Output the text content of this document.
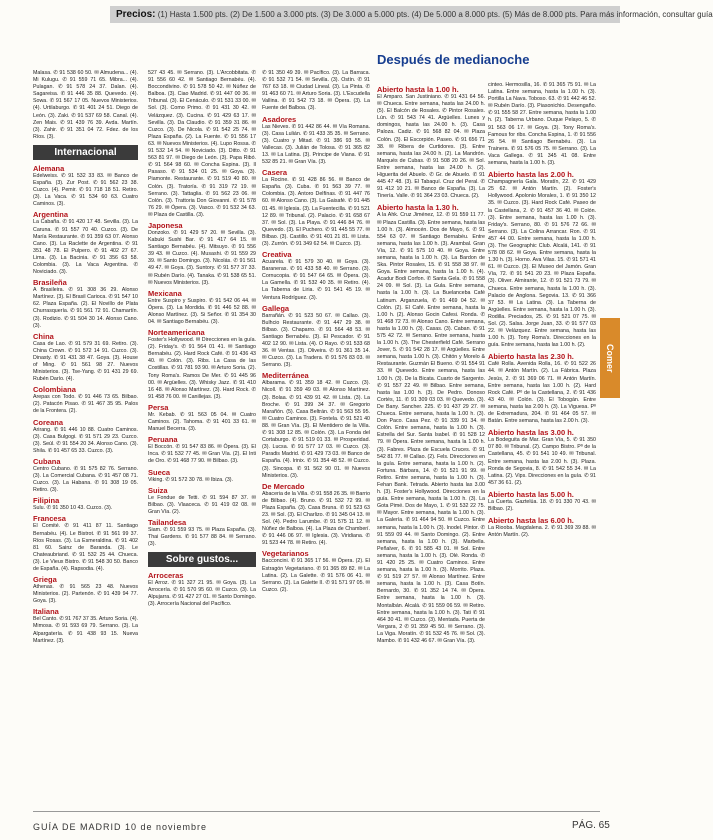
Precios: (1) Hasta 1.500 pts. (2) De 1.500 a 3.000 pts. (3) De 3.000 a 5.000 pts. (4) De 5.000 a 8.000 pts. (5) Más de 8.000 pts. Para más información, consultar guía
Después de medianoche
Comer

Malasa. ✆ 91 538 60 50. ✉ Almudena... (4). Mi Kulugu. ✆ 91 559 71 65. Mibra... (4). Pulagan. ✆ 91 578 24 37. Dalan. (4). Sagareisa. ✆ 91 446 35 88. Quevedo. (4). Sowa. ✆ 91 567 17 05. Nuevos Ministerios. (4). Urtilaburgo. ✆ 91 401 24 51. Diego de León. (3). Zaki. ✆ 91 537 69 58. Canal. (4). Zen Mais. ✆ 91 439 76 39. Avda. Martín. (3). Zahir. ✆ 91 351 04 72. Fdez. de los Ríos. (3).

Internacional
Alemana

Edelweiss. ✆ 91 532 33 83. ✉ Banco de España. (3). Zur Post. ✆ 91 562 23 38. Cuzco. (4). Pemir. ✆ 91 718 18 51. Retiro. (3). La Vaca. ✆ 91 534 60 63. Cuatro Caminos. (3).

Argentina

La Cabaña. ✆ 91 420 17 48. Sevilla. (3). La Caruna. ✆ 91 557 70 40. Cuzco. (3). De María Restaurante. ✆ 91 359 63 07. Alonso Cano. (3). La Raclette de Argentina. ✆ 91 351 48 78. El Pulpero. ✆ 91 402 27 67. Lima. (3). La Bacinia. ✆ 91 356 63 58. Colombia. (3). La Vaca Argentina. ✆ Noviciado. (3).

Brasileña

A Brasileira. ✆ 91 308 36 29. Alonso Martínez. (3). El Brasil Carioca. ✆ 91 547 10 62. Plaza España. (2). El Novillo de Plata Churrasquería. ✆ 91 561 72 91. Chamartín. (3). Rodizio. ✆ 91 504 30 14. Alonso Cano. (3).

China

Casa de Lao. ✆ 91 579 31 69. Retiro. (3). China Crown. ✆ 91 572 14 91. Cuzco. (3). Dinasty. ✆ 91 431 38 47. Goya. (3). House of Ming. ✆ 91 561 98 27. Nuevos Ministerios. (3). Tse-Yang. ✆ 91 431 29 69. Rubén Darío. (4).

Colombiana

Arepas con Todo. ✆ 91 446 73 65. Bilbao. (2). Patacón Pisao. ✆ 91 467 35 95. Palos de la Frontera. (2).

Coreana

Arirang. ✆ 91 446 10 88. Cuatro Caminos. (3). Casa Bulgogi. ✆ 91 571 29 23. Cuzco. (3). Seúl. ✆ 91 554 20 34. Alonso Cano. (3). Shila. ✆ 91 457 65 33. Cuzco. (3).

Cubana

Centro Cubano. ✆ 91 575 82 76. Serrano. (3). La Comercial Cubana. ✆ 91 457 08 71. Cuzco. (3). La Habana. ✆ 91 308 19 05. Retiro. (3).

Filipina

Sulu. ✆ 91 350 10 43. Cuzco. (3).

Francesa

El Comité. ✆ 91 411 87 11. Santiago Bernabéu. (4). Le Bistrot. ✆ 91 561 99 37. Ríos Rosas. (3). La Esmeraldina. ✆ 91 402 81 60. Sainz de Baranda. (3). Le Chateaubriand. ✆ 91 532 25 44. Chueca. (3). Le Vieux Bistro. ✆ 91 548 30 50. Banco de España. (4). Rapsodia. (4).

Griega

Athenas. ✆ 91 565 23 48. Nuevos Ministerios. (2). Partenón. ✆ 91 439 94 77. Goya. (3).

Italiana

Bel Canto. ✆ 91 767 37 35. Arturo Soria. (4). Mimosa. ✆ 91 593 69 79. Serrano. (3). La Alpargatería. ✆ 91 438 93 15. Nueva Martínez. (3).

527 43 45. ✉ Serrano. (3). L'Arcobbitata. ✆ 91 556 60 42. ✉ Santiago Bernabéu. (4). Boccondivino. ✆ 91 578 50 42. ✉ Núñez de Balboa. (3). Ciao Madrid. ✆ 91 447 00 36. ✉ Tribunal. (3). El Cenáculo. ✆ 91 531 33 00. ✉ Sol. (3). Como Primo. ✆ 91 431 30 42. ✉ Velázquez. (3). Cucina. ✆ 91 429 63 17. ✉ Sevilla. (3). Da Claudio. ✆ 91 359 31 86. ✉ Cuzco. (3). De Nicola. ✆ 91 542 25 74. ✉ Plaza España. (2). La Fuente. ✆ 91 556 17 63. ✉ Nuevos Ministerios. (4). Lupo Rossa. ✆ 91 532 14 54. ✉ Noviciado. (3). Ditto. ✆ 91 563 81 97. ✉ Diego de León. (3). Papa Ribó. ✆ 91 564 98 60. ✉ Concha Espina. (3). Il Pasaso. ✆ 91 534 01 25. ✉ Goya. (3). Piamonte. Restaurante. ✆ 91 519 40 80. ✉ Colón. (3). Tratoría. ✆ 91 319 72 19. ✉ Serrano. (3). Tattaglia. ✆ 91 562 23 06. ✉ Colón. (3). Trattoria Don Giovanni. ✆ 91 578 76 29. ✉ Ópera. (3). Vasco. ✆ 91 532 34 63. ✉ Plaza de Castilla. (3).

Japonesa

Donzoko. ✆ 91 429 57 20. ✉ Sevilla. (3). Kabuki Sushi Bar. ✆ 91 417 64 15. ✉ Santiago Bernabéu. (4). Mitsuyo. ✆ 91 556 39 43. ✉ Cuzco. (4). Musashi. ✆ 91 559 29 39. ✉ Santo Domingo. (3). Nicolás. ✆ 91 561 49 47. ✉ Goya. (3). Suntory. ✆ 91 577 37 33. ✉ Rubén Darío. (4). Tanaka. ✆ 91 538 65 51. ✉ Nuevos Ministerios. (3).

Mexicana

Entre Suspiro y Suspiro. ✆ 91 542 06 44. ✉ Ópera. (3). La Mordida. ✆ 91 446 52 88. ✉ Alonso Martínez. (3). Si Señor. ✆ 91 354 30 04. ✉ Santiago Bernabéu. (3).

Norteamericana

Foster's Hollywood. ✉ Direcciones en la guía. (2). Friday's. ✆ 91 564 01 41. ✉ Santiago Bernabéu. (2). Hard Rock Café. ✆ 91 436 43 40. ✉ Colón. (3). Ribs. La Casa de las Costillas. ✆ 91 781 93 90. ✉ Arturo Soria. (2). Tony Roma's. Ramos De Mer. ✆ 91 445 96 00. ✉ Argüelles. (3). Whisky Jazz. ✆ 91 410 16 48. ✉ Alonso Martínez. (3). Hard Rock. ✆ 91 458 76 00. ✉ Canillejas. (3).

Persa

Mr. Kebab. ✆ 91 563 05 04. ✉ Cuatro Caminos. (2). Tahoma. ✆ 91 401 33 61. ✉ Manuel Becerra. (3).

Peruana

El Boccón. ✆ 91 547 83 86. ✉ Ópera. (3). El Inca. ✆ 91 532 77 45. ✉ Gran Vía. (2). El Inti de Oro. ✆ 91 468 77 90. ✉ Bilbao. (3).

Sueca

Viking. ✆ 91 572 30 78. ✉ Ibiza. (3).

Suiza

Le Fondue de Tetti. ✆ 91 594 87 37. ✉ Bilbao. (3). Vlaaceca. ✆ 91 419 02 08. ✉ Gran Vía. (2).

Tailandesa

Siam. ✆ 91 559 93 75. ✉ Plaza España. (3). Thai Gardens. ✆ 91 577 88 84. ✉ Serrano. (3).

Sobre gustos...
Arroceras

El Arroz. ✆ 91 327 21 95. ✉ Goya. (3). La Arrocería. ✆ 91 570 95 60. ✉ Cuzco. (3). La Alpujarra. ✆ 91 427 27 01. ✉ Santo Domingo. (3). Arrocería Nacional del Pacífico.

✆ 91 350 49 39. ✉ Pacífico. (3). La Barraca. ✆ 91 532 71 54. ✉ Sevilla. (3). Ostín. ✆ 91 767 63 18. ✉ Ciudad Lineal. (3). La Pinta. ✆ 91 463 60 71. ✉ Arturo Soria. (3). L'Escudella Vallina. ✆ 91 542 73 18. ✉ Ópera. (3). La Fuente del Balboa. (3).

Asadores

Las Nieves. ✆ 91 442 86 44. ✉ Vía Romana. (3). Casa Lulián. ✆ 91 433 35 35. ✉ Serrano. (3). Cuatro y Mitad. ✆ 91 386 93 55. ✉ Vallecas. (3). Julián de Tolosa. ✆ 91 365 82 13. ✉ La Latina. (3). Principe de Viana. ✆ 91 532 85 21. ✉ Gran Vía. (3).

Casera

La Rocine. ✆ 91 428 86 56. ✉ Banco de España. (3). Cuba. ✆ 91 563 39 77. ✉ Colombia. (3). Antoro Delfínas. ✆ 91 447 76 60. ✉ Alonso Cano. (3). La Gaisafé. ✆ 91 445 01 45. ✉ Iglesia. (3). La Fuentecilla. ✆ 91 521 12 89. ✉ Tribunal. (2). Palacio. ✆ 91 658 67 37. ✉ Sol. (3). La Playa. ✆ 91 446 84 76. ✉ Quevedo. (3). El Puchero. ✆ 91 445 55 77. ✉ Bilbao. (3). Castillo. ✆ 91 401 21 81. ✉ Lista. (3). Zurrón. ✆ 91 349 62 54. ✉ Cuzco. (3).

Creativa

Acuarela. ✆ 91 579 30 40. ✉ Goya. (3). Baraneras. ✆ 91 433 58 40. ✉ Serrano. (3). Cornucopia. ✆ 91 547 64 65. ✉ Ópera. (3). La Gamella. ✆ 91 532 40 35. ✉ Retiro. (4). La Taberna de Liria. ✆ 91 541 45 19. ✉ Ventura Rodríguez. (3).

Gallega

Barrañán. ✆ 91 523 50 67. ✉ Callao. (3). Bulhcio Restaurante. ✆ 91 447 29 38. ✉ Bilbao. (3). Chaparro. ✆ 91 564 48 53. ✉ Santiago Bernabéu. (3). El Pescador. ✆ 91 402 12 90. ✉ Lista. (4). O Rayo. ✆ 91 533 68 36. ✉ Ventas. (3). Oliveira. ✆ 91 361 35 14. ✉ Cuzco. (3). La Tradera. ✆ 91 576 83 03. ✉ Serrano. (3).

Mediterránea

Albarama. ✆ 91 359 18 42. ✉ Cuzco. (3). Nicoll. ✆ 91 359 49 03. ✉ Alonso Martínez. (3). Bolaa. ✆ 91 439 91 42. ✉ Lista. (3). La Broche. ✆ 91 399 34 37. ✉ Gregorio Marañón. (5). Casa Beltrán. ✆ 91 563 55 95. ✉ Cuatro Caminos. (3). Fontela. ✆ 91 521 40 88. ✉ Gran Vía. (3). El Mentidero de la Villa. ✆ 91 308 12 85. ✉ Colón. (3). La Fonda del Cortaburgo. ✆ 91 519 01 33. ✉ Prosperidad. (3). Lucsa. ✆ 91 577 17 03. ✉ Cuzco. (3). Paradis Madrid. ✆ 91 429 73 03. ✉ Banco de España. (4). Irinix. ✆ 91 354 48 52. ✉ Cuzco. (3). Sincopa. ✆ 91 562 90 01. ✉ Nuevos Ministerios. (3).

De Mercado

Abaceria de la Villa. ✆ 91 558 26 35. ✉ Barrio de Bilbao. (4). Bruno. ✆ 91 532 72 99. ✉ Plaza España. (3). Casa Bruna. ✆ 91 523 63 23. ✉ Sol. (3). El Charlizo. ✆ 91 345 04 13. ✉ Sol. (4). Pedro Larumbe. ✆ 91 575 11 12. ✉ Núñez de Balboa. (4). La Plaza de Chamberí. ✆ 91 446 06 97. ✉ Iglesia. (3). Viridiana. ✆ 91 523 44 78. ✉ Retiro. (4).

Vegetarianos

Bacconcini. ✆ 91 365 17 56. ✉ Ópera. (2). El Estragón Vegetariano. ✆ 91 365 89 82. ✉ La Latina. (2). La Galette. ✆ 91 576 06 41. ✉ Serrano. (2). La Galette II. ✆ 91 571 97 05. ✉ Cuzco. (2).

Abierto hasta la 1.00 h.

El Amparo. San Justiniano. ✆ 91 431 64 56. ✉ Chueca. Entre semana, hasta las 24.00 h. (5). El Balcón de Rosales. ✆ Pintor Rosales. Lún. ✆ 91 543 74 41. Argüelles. Lunes y domingos, hasta las 24.00 h. (3). Casa Paloza. Cadiz. ✆ 91 568 82 04. ✉ Plaza Colón. (3). El Escorpión. Paseo. ✆ 91 656 71 38. ✉ Ribera de Curtidores. (3). Entre semana, hasta las 24.00 h. (2). La Mandrón. Marqués de Cubas. ✆ 91 508 20 26. ✉ Sol. Entre semana, hasta las 24.00 h. (2). Higuerita del Abuelo. ✆ Gr. de Abuelo. ✆ 91 445 47 48. (3). El Tabaquí. Cruz del Peral. ✆ 91 412 10 21. ✉ Banco de España. (3). La Tinería. Valle. ✆ 91 364 23 03. Chueca. (2).

Abierto hasta la 1.30 h.

A la Ahk. Cruz Jiménez, 12. ✆ 91 559 11 77. ✉ Plaza Castilla. (3). Entre semana, hasta las 1.00 h. (3). Almocén. Dos de Mayo, 6. ✆ 91 554 63 07. ✉ Santiago Bernabéu. Entre semana, hasta las 1.00 h. (3). Arambal. Gran Vía, 12. ✆ 91 575 10 40. ✉ Goya. Entre semana, hasta la 1.00 h. (3). La Bardon de Ska. Pintor Rosales, 15. ✆ 91 558 38 97. ✉ Goya. Entre semana, hasta la 1.00 h. (4). Acadur Bodi Corfon. ✆ Santa Gela. ✆ 91 558 24 09. ✉ Sol. (3). La Gula. Entre semana, hasta la 1.00 h. (3). La Buelanceba Café Latinum. Arganzuela, ✆ 91 469 04 52. ✉ Colón. (2). El Café. Entre semana, hasta la 1.00 h. (2). Alonso Gocin Cafesi. Ronda. ✆ 91 468 72 73. ✉ Alonso Cano. Entre semana, hasta la 1.00 h. (3). Casas. (3). Caban. ✆ 91 575 42 72. ✉ Serrano. Entre semana, hasta la 1.00 h. (3). The Chesterfield Café. Serrano Jover, 5. ✆ 91 542 28 17. ✉ Argüelles. Entre semana, hasta 1.00 h. (3). Chitón y Morelo & Restaurante. Guzmán El Bueno. ✆ 91 554 91 33. ✉ Quevedo. Entre semana, hasta las 1.00 h. (3). De la Bicata. Cuarto de Sargento. ✆ 91 557 22 49. ✉ Bilbao. Entre semana, hasta las 1.00 h. (3). De Pedro. Donoso Cortés, 11. ✆ 91 309 03 03. ✉ Quevedo. (3). De Bany. Sancher. 225. ✆ 91 437 29 27. ✉ Chueca. Entre semana, hasta la 1.00 h. (3). Don Paco. Casa Pez. ✆ 91 339 91 34. ✉ Colón. Entre semana, hasta la 1.00 h. (3). Estrella del Sur. Santa Isabel. ✆ 91 528 12 79. ✉ Ópera. Entre semana, hasta la 1.00 h. (3). Fabres. Plaza de Escuela Cruces. ✆ 91 542 81 77. ✉ Callao. (2). Fels. Direcciones en la guía. Entre semana, hasta la 1.00 h. (2). Fortuna. Bárbara, 14. ✆ 91 521 91 99. ✉ Retiro. Entre semana, hasta la 1.00 h. (3). Fehan Bank. Tetrada. Abierto hasta las 3.00 h. (3). Foster's Hollywood. Direcciones en la guía. Entre semana, hasta la 1.00 h. (3). La Gota Pimé. Dos de Mayo, 1. ✆ 91 532 22 75. ✉ Mayor. Entre semana, hasta la 1.00 h. (3). La Galería. ✆ 91 464 94 50. ✉ Cuzco. Entre semana, hasta la 1.00 h. (3). Inodel. Pintor. ✆ 91 559 09 44. ✉ Santo Domingo. (2). Entre semana, hasta la 1.00 h. (3). Marbella. Peñalver, 6. ✆ 91 585 43 01. ✉ Sol. Entre semana, hasta la 1.00 h. (3). Olé. Ronda. ✆ 91 420 25 25. ✉ Cuatro Caminos. Entre semana, hasta la 1.00 h. (3). Morrito. Plaza. ✆ 91 519 27 57. ✉ Alonso Martínez. Entre semana, hasta la 1.00 h. (3). Casa Botín. Bernardo, 30. ✆ 91 352 14 74. ✉ Ópera. Entre semana, hasta la 1.00 h. (3). Montalbán. Alcalá. ✆ 91 559 06 59. ✉ Retiro. Entre semana, hasta la 1.00 h. (3). Tati ✆ 91 464 30 41. ✉ Cuzco. (3). Mentada. Puerta de Vergara, 2 ✆ 91 359 45 50. ✉ Serrano. (3). La Viga. Moratín. ✆ 91 532 45 76. ✉ Sol. (3). Mambo. ✆ 91 432 46 67. ✉ Gran Vía. (3).

cinteo. Hermosilla, 16. ✆ 91 365 75 91. ✉ La Latina. Entre semana, hasta la 1.00 h. (3). Portilla La Nava. Toboso. 63. ✆ 91 442 46 52. ✉ Rubén Darío. (3). Piasonichio. Desengaño. ✆ 91 555 58 27. Entre semana, hasta la 1.00 h. (2). Taberna Urbano. Duque Pelayo, 5. ✆ 91 563 06 17. ✉ Goya. (3). Tony Roma's. Famous for ribs. Concha Espina, 1. ✆ 91 556 26 54. ✉ Santiago Bernabéu. (3). La Trainera. ✆ 91 576 05 75. ✉ Serrano. (3). La Vaca Gallega. ✆ 91 345 41 08. Entre semana, hasta la 1.00 h. (3).

Abierto hasta las 2.00 h.

Champagnería Gala. Moratín, 22. ✆ 91 429 25 62. ✉ Antón Martín. (2). Foster's Hollywood. Apolonio Morales, 1. ✆ 91 350 12 35. ✉ Cuzco. (3). Hard Rock Café. Paseo de la Castellana, 2. ✆ 91 457 36 40. ✉ Colón. (3). Entre semana, hasta las 1.00 h. (3). Friday's. Serrano, 80. ✆ 91 576 72 66. ✉ Serrano. (3). La Colina Arrancar. Ron. ✆ 91 457 44 00. Entre semana, hasta la 1.00 h. (3). The Geographic Club. Alcalá, 141. ✆ 91 578 08 62. ✉ Goya. Entre semana, hasta la 1.30 h. (3). Horno. Ava Vilas. 15. ✆ 91 571 41 61. ✉ Cuzco. (3). El Museo del Jamón. Gran Vía, 72. ✆ 91 541 20 23. ✉ Plaza España. (3). Oliver. Almirante, 12. ✆ 91 521 73 79. ✉ Chueca. Entre semana, hasta la 1.00 h. (3). Palacio de Anglona. Segovia. 13. ✆ 91 366 37 53. ✉ La Latina. (3). La Taberna de Argüelles. Entre semana, hasta la 1.00 h. (3). Rodilla. Preciados, 25. ✆ 91 521 07 75. ✉ Sol. (2). Salsa. Jorge Juan, 33. ✆ 91 577 03 22. ✉ Velázquez. Entre semana, hasta las 1.00 h. (3). Tony Roma's. Direcciones en la guía. Entre semana, hasta las 1.00 h. (2).

Abierto hasta las 2.30 h.

Café Rolla. Avenida Rolla, 16. ✆ 91 522 26 44. ✉ Antón Martín. (2). La Fábrica. Plaza Jesús, 2. ✆ 91 369 06 71. ✉ Antón Martín. Entre semana, hasta las 1.00 h. (2). Hard Rock Café. Pº de la Castellana, 2. ✆ 91 436 43 40. ✉ Colón. (3). El Tobogán. Entre semana, hasta las 2.00 h. (3). La Viguesa. Pº de Extremadura, 204. ✆ 91 464 05 57. ✉ Batán. Entre semana, hasta las 2.00 h. (3).

Abierto hasta las 3.00 h.

La Bodeguita de Mar. Gran Vía, 5. ✆ 91 350 07 80. ✉ Tribunal. (2). Campo Bistro. Pº de la Castellana, 45. ✆ 91 541 10 49. ✉ Tribunal. Entre semana, hasta las 2.00 h. (3). Plaza. Ronda de Segovia, 8. ✆ 91 542 55 34. ✉ La Latina. (2). Vips. Direcciones en la guía. ✆ 91 457 36 61. (2).

Abierto hasta las 5.00 h.

La Cuerta. Gaztelúa. 18. ✆ 91 330 70 43. ✉ Bilbao. (2).

Abierto hasta las 6.00 h.

La Riooba. Magdalena. 2. ✆ 91 369 39 88. ✉ Antón Martín. (2).

GUÍA DE MADRID 10 de noviembre	PÁG. 65
